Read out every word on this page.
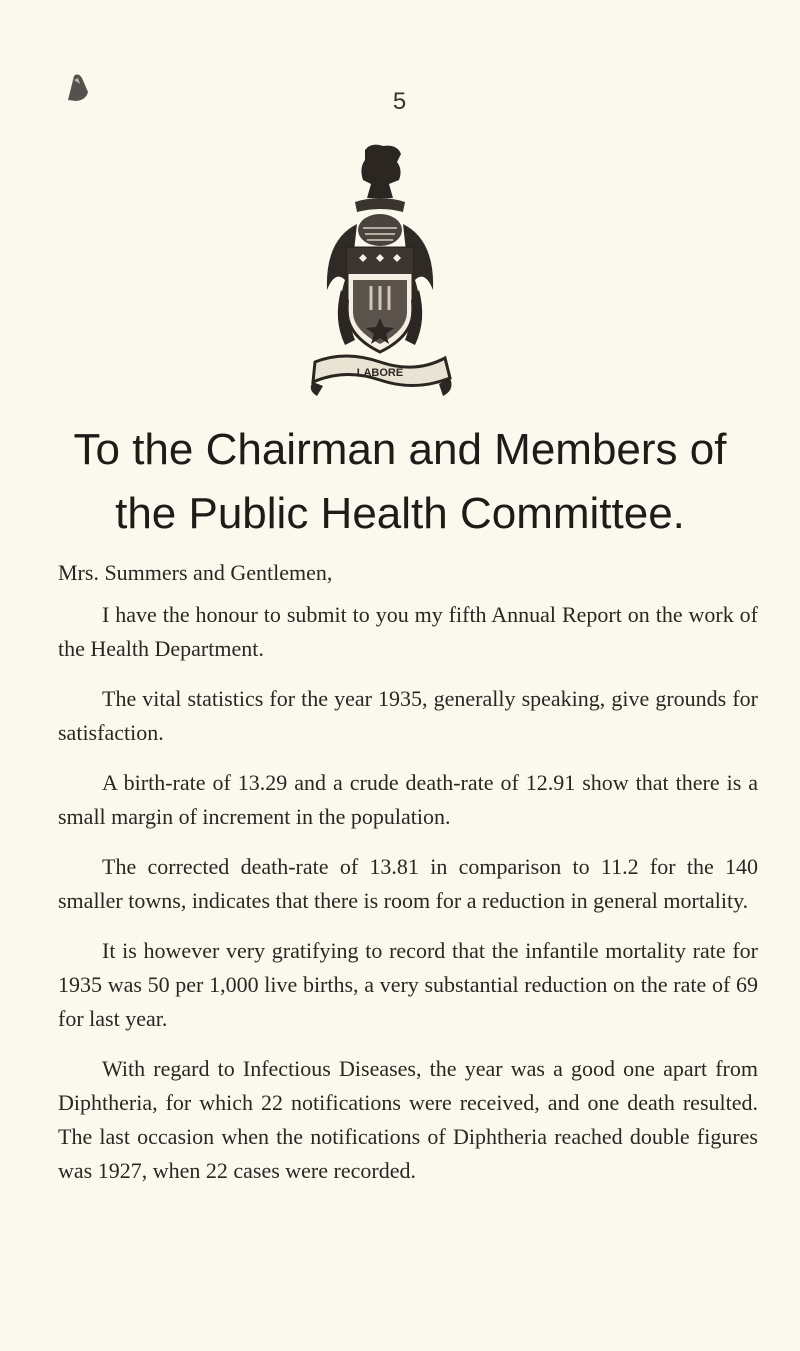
5
LABORE
To the Chairman and Members of
the Public Health Committee.

Mrs. Summers and Gentlemen,

I have the honour to submit to you my fifth Annual Report on the work of the Health Department.

The vital statistics for the year 1935, generally speaking, give grounds for satisfaction.

A birth-rate of 13.29 and a crude death-rate of 12.91 show that there is a small margin of increment in the population.

The corrected death-rate of 13.81 in comparison to 11.2 for the 140 smaller towns, indicates that there is room for a reduction in general mortality.

It is however very gratifying to record that the infantile mortality rate for 1935 was 50 per 1,000 live births, a very substantial reduction on the rate of 69 for last year.

With regard to Infectious Diseases, the year was a good one apart from Diphtheria, for which 22 notifications were received, and one death resulted. The last occasion when the notifications of Diphtheria reached double figures was 1927, when 22 cases were recorded.
